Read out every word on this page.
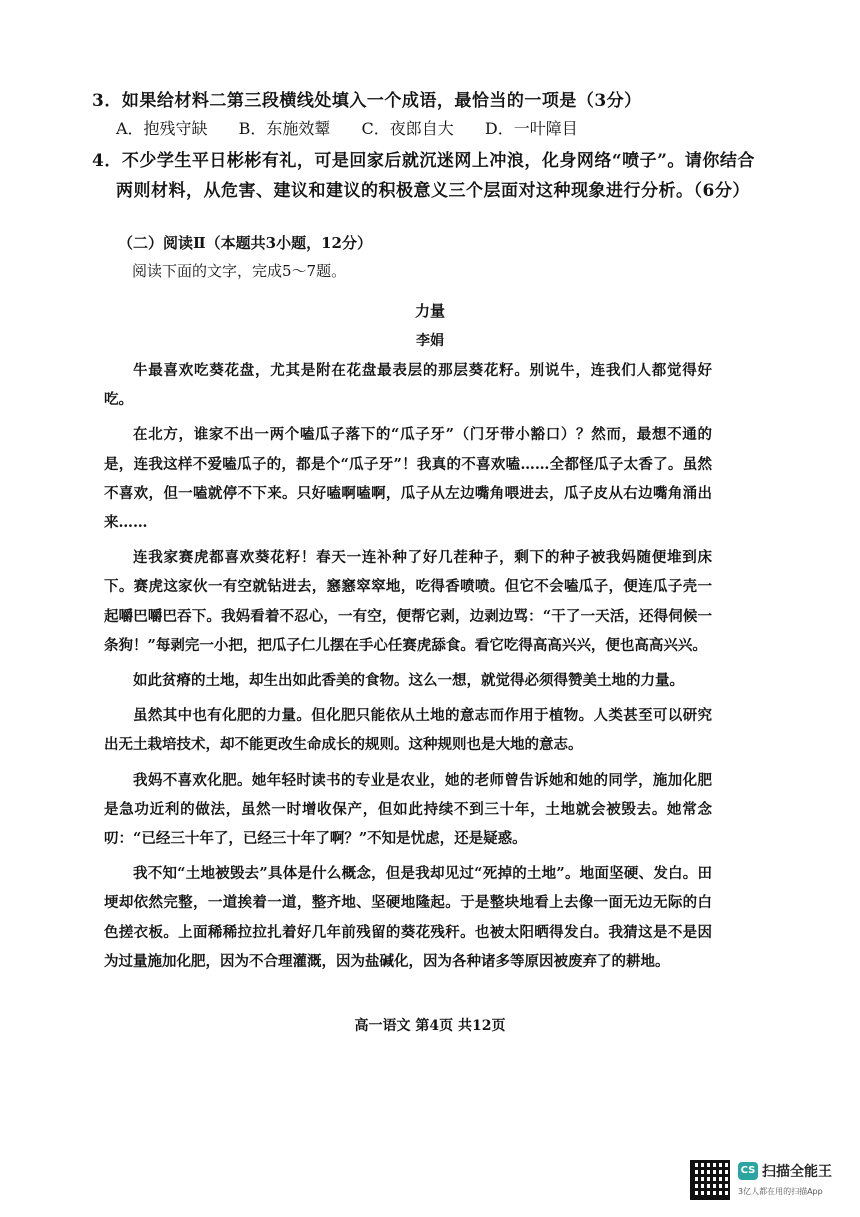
3．如果给材料二第三段横线处填入一个成语，最恰当的一项是（3分）
A．抱残守缺 B．东施效颦 C．夜郎自大 D．一叶障目
4．不少学生平日彬彬有礼，可是回家后就沉迷网上冲浪，化身网络“喷子”。请你结合
两则材料，从危害、建议和建议的积极意义三个层面对这种现象进行分析。（6分）
（二）阅读Ⅱ（本题共3小题，12分）
阅读下面的文字，完成5～7题。
力量
李娟

牛最喜欢吃葵花盘，尤其是附在花盘最表层的那层葵花籽。别说牛，连我们人都觉得好吃。

在北方，谁家不出一两个嗑瓜子落下的“瓜子牙”（门牙带小豁口）？然而，最想不通的是，连我这样不爱嗑瓜子的，都是个“瓜子牙”！我真的不喜欢嗑……全都怪瓜子太香了。虽然不喜欢，但一嗑就停不下来。只好嗑啊嗑啊，瓜子从左边嘴角喂进去，瓜子皮从右边嘴角涌出来……

连我家赛虎都喜欢葵花籽！春天一连补种了好几茬种子，剩下的种子被我妈随便堆到床下。赛虎这家伙一有空就钻进去，窸窸窣窣地，吃得香喷喷。但它不会嗑瓜子，便连瓜子壳一起嚼巴嚼巴吞下。我妈看着不忍心，一有空，便帮它剥，边剥边骂：“干了一天活，还得伺候一条狗！”每剥完一小把，把瓜子仁儿摆在手心任赛虎舔食。看它吃得高高兴兴，便也高高兴兴。

如此贫瘠的土地，却生出如此香美的食物。这么一想，就觉得必须得赞美土地的力量。

虽然其中也有化肥的力量。但化肥只能依从土地的意志而作用于植物。人类甚至可以研究出无土栽培技术，却不能更改生命成长的规则。这种规则也是大地的意志。

我妈不喜欢化肥。她年轻时读书的专业是农业，她的老师曾告诉她和她的同学，施加化肥是急功近利的做法，虽然一时增收保产，但如此持续不到三十年，土地就会被毁去。她常念叨：“已经三十年了，已经三十年了啊？”不知是忧虑，还是疑惑。

我不知“土地被毁去”具体是什么概念，但是我却见过“死掉的土地”。地面坚硬、发白。田埂却依然完整，一道挨着一道，整齐地、坚硬地隆起。于是整块地看上去像一面无边无际的白色搓衣板。上面稀稀拉拉扎着好几年前残留的葵花残秆。也被太阳晒得发白。我猜这是不是因为过量施加化肥，因为不合理灌溉，因为盐碱化，因为各种诸多等原因被废弃了的耕地。

高一语文 第4页 共12页
CS 扫描全能王
3亿人都在用的扫描App
